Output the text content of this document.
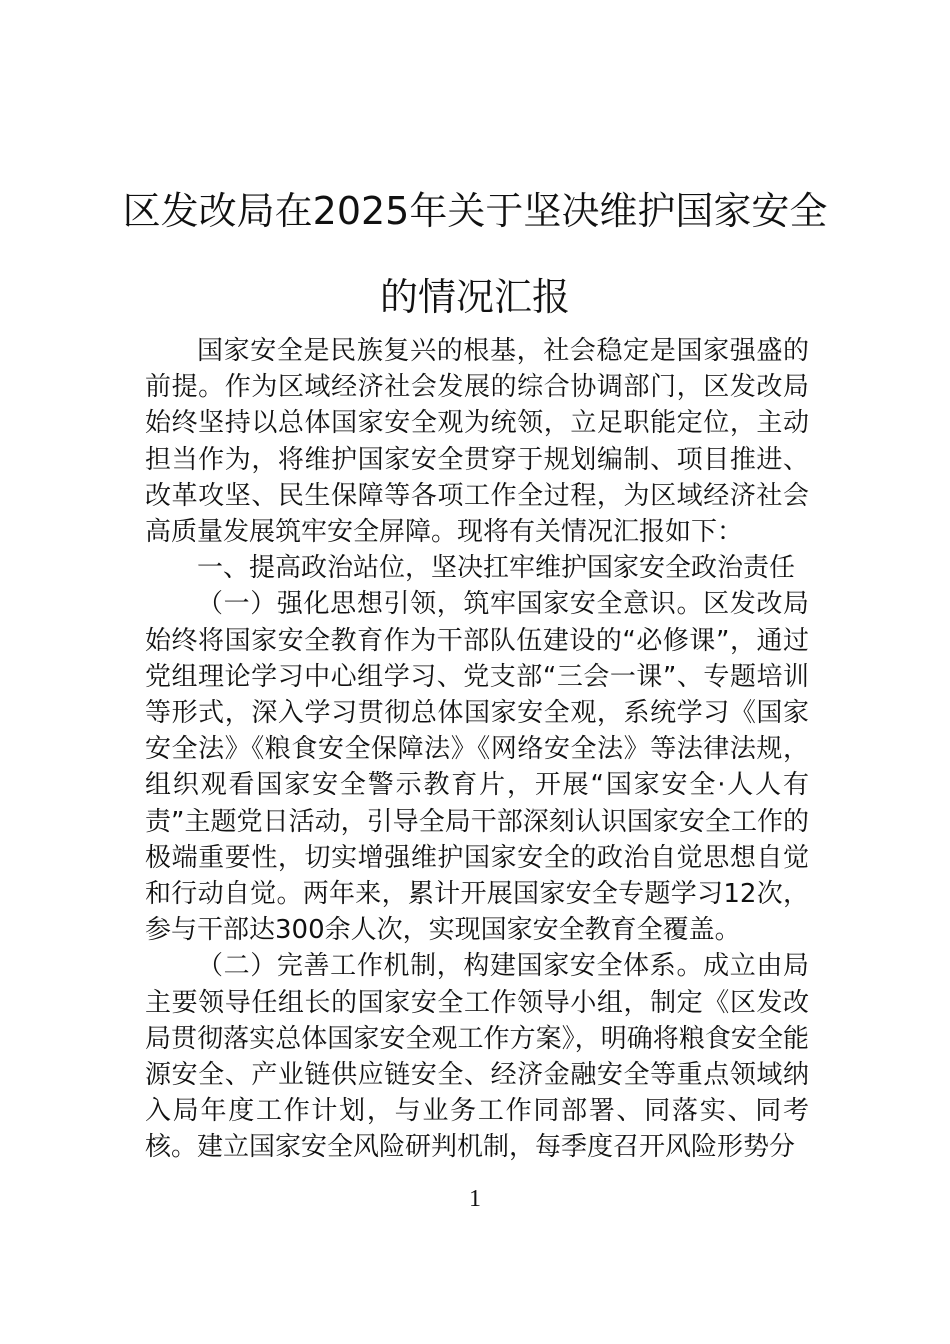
区发改局在2025年关于坚决维护国家安全
的情况汇报

国家安全是民族复兴的根基，社会稳定是国家强盛的前提。作为区域经济社会发展的综合协调部门，区发改局始终坚持以总体国家安全观为统领，立足职能定位，主动担当作为，将维护国家安全贯穿于规划编制、项目推进、改革攻坚、民生保障等各项工作全过程，为区域经济社会高质量发展筑牢安全屏障。现将有关情况汇报如下：

一、提高政治站位，坚决扛牢维护国家安全政治责任

（一）强化思想引领，筑牢国家安全意识。区发改局始终将国家安全教育作为干部队伍建设的“必修课”，通过党组理论学习中心组学习、党支部“三会一课”、专题培训等形式，深入学习贯彻总体国家安全观，系统学习《国家安全法》《粮食安全保障法》《网络安全法》等法律法规，组织观看国家安全警示教育片，开展“国家安全·人人有责”主题党日活动，引导全局干部深刻认识国家安全工作的极端重要性，切实增强维护国家安全的政治自觉思想自觉和行动自觉。两年来，累计开展国家安全专题学习12次，参与干部达300余人次，实现国家安全教育全覆盖。

（二）完善工作机制，构建国家安全体系。成立由局主要领导任组长的国家安全工作领导小组，制定《区发改局贯彻落实总体国家安全观工作方案》，明确将粮食安全能源安全、产业链供应链安全、经济金融安全等重点领域纳入局年度工作计划，与业务工作同部署、同落实、同考核。建立国家安全风险研判机制，每季度召开风险形势分

1
